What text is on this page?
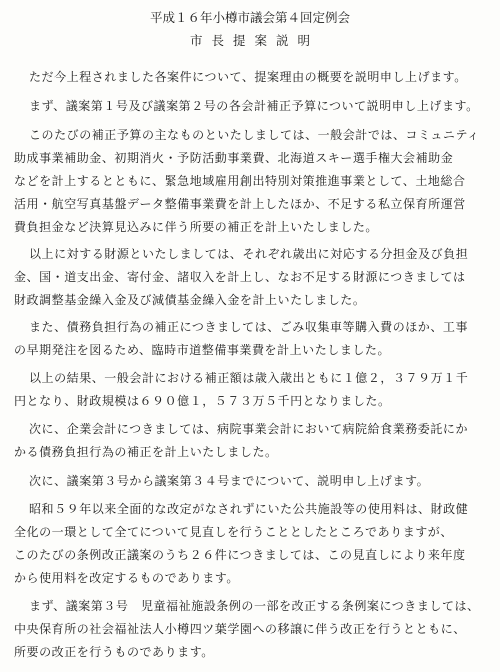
平成１６年小樽市議会第４回定例会
市長提案説明
ただ今上程されました各案件について、提案理由の概要を説明申し上げます。
まず、議案第１号及び議案第２号の各会計補正予算について説明申し上げます。
このたびの補正予算の主なものといたしましては、一般会計では、コミュニティ
助成事業補助金、初期消火・予防活動事業費、北海道スキー選手権大会補助金
などを計上するとともに、緊急地域雇用創出特別対策推進事業として、土地総合
活用・航空写真基盤データ整備事業費を計上したほか、不足する私立保育所運営
費負担金など決算見込みに伴う所要の補正を計上いたしました。
以上に対する財源といたしましては、それぞれ歳出に対応する分担金及び負担
金、国・道支出金、寄付金、諸収入を計上し、なお不足する財源につきましては
財政調整基金繰入金及び減債基金繰入金を計上いたしました。
また、債務負担行為の補正につきましては、ごみ収集車等購入費のほか、工事
の早期発注を図るため、臨時市道整備事業費を計上いたしました。
以上の結果、一般会計における補正額は歳入歳出ともに１億２，３７９万１千
円となり、財政規模は６９０億１，５７３万５千円となりました。
次に、企業会計につきましては、病院事業会計において病院給食業務委託にか
かる債務負担行為の補正を計上いたしました。
次に、議案第３号から議案第３４号までについて、説明申し上げます。
昭和５９年以来全面的な改定がなされずにいた公共施設等の使用料は、財政健
全化の一環として全てについて見直しを行うこととしたところでありますが、
このたびの条例改正議案のうち２６件につきましては、この見直しにより来年度
から使用料を改定するものであります。
まず、議案第３号　児童福祉施設条例の一部を改正する条例案につきましては、
中央保育所の社会福祉法人小樽四ツ葉学園への移譲に伴う改正を行うとともに、
所要の改正を行うものであります。
